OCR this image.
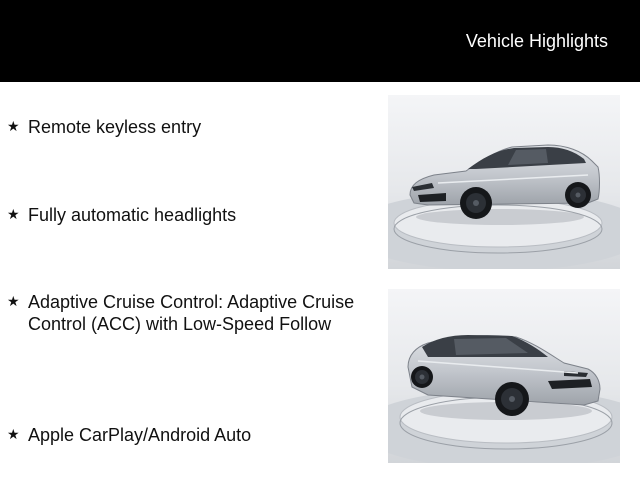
Vehicle Highlights
★ Remote keyless entry
★ Fully automatic headlights
★ Adaptive Cruise Control: Adaptive Cruise Control (ACC) with Low-Speed Follow
★ Apple CarPlay/Android Auto
